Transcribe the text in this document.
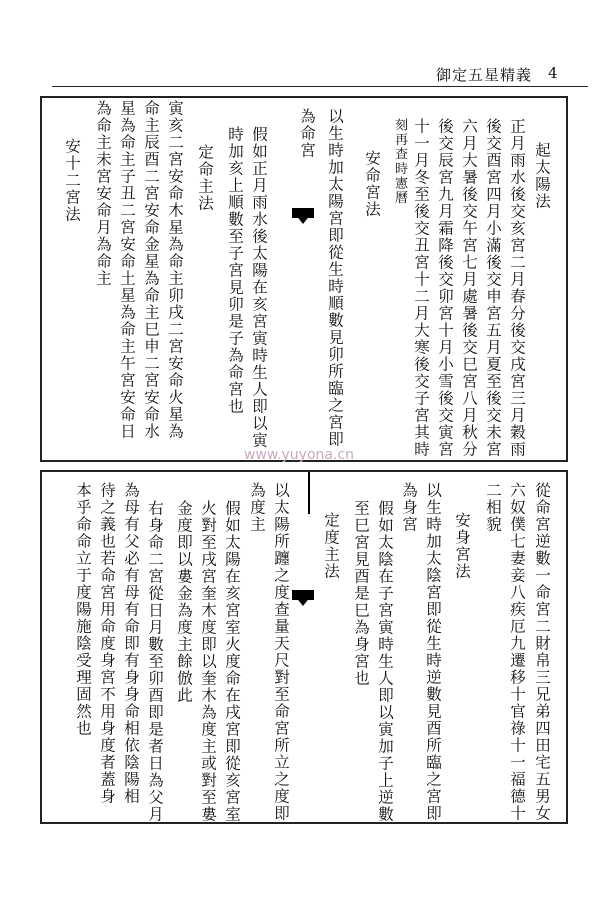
御定五星精義 4
起太陽法
正月雨水後交亥宮二月春分後交戌宮三月穀雨
後交酉宮四月小滿後交申宮五月夏至後交未宮
六月大暑後交午宮七月處暑後交巳宮八月秋分
後交辰宮九月霜降後交卯宮十月小雪後交寅宮
十一月冬至後交丑宮十二月大寒後交子宮其時
刻再查時憲曆
安命宮法
以生時加太陽宮即從生時順數見卯所臨之宮即
為命宮
假如正月雨水後太陽在亥宮寅時生人即以寅
時加亥上順數至子宮見卯是子為命宮也
定命主法
寅亥二宮安命木星為命主卯戌二宮安命火星為
命主辰酉二宮安命金星為命主巳申二宮安命水
星為命主子丑二宮安命土星為命主午宮安命日
為命主未宮安命月為命主
安十二宮法
從命宮逆數一命宮二財帛三兄弟四田宅五男女
六奴僕七妻妾八疾厄九遷移十官祿十一福德十
二相貌
安身宮法
以生時加太陰宮即從生時逆數見酉所臨之宮即
為身宮
假如太陰在子宮寅時生人即以寅加子上逆數
至巳宮見酉是巳為身宮也
定度主法
以太陽所躔之度查量天尺對至命宮所立之度即
為度主
假如太陽在亥宮室火度命在戌宮即從亥宮室
火對至戌宮奎木度即以奎木為度主或對至婁
金度即以婁金為度主餘倣此
右身命二宮從日月數至卯酉即是者日為父月
為母有父必有母有命即有身身命相依陰陽相
待之義也若命宮用命度身宮不用身度者蓋身
本乎命命立于度陽施陰受理固然也
www.yuyona.cn
